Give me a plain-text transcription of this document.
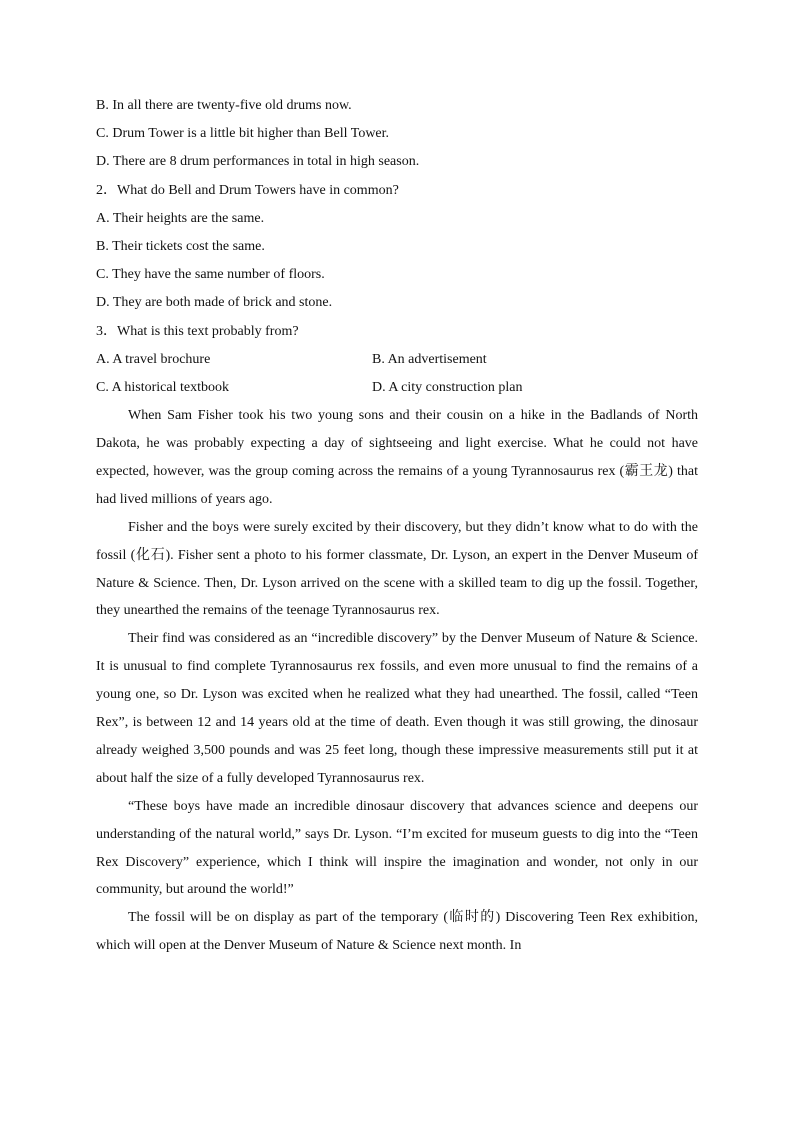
B. In all there are twenty-five old drums now.
C. Drum Tower is a little bit higher than Bell Tower.
D. There are 8 drum performances in total in high season.
2．What do Bell and Drum Towers have in common?
A. Their heights are the same.
B. Their tickets cost the same.
C. They have the same number of floors.
D. They are both made of brick and stone.
3．What is this text probably from?
A. A travel brochure	B. An advertisement
C. A historical textbook	D. A city construction plan

When Sam Fisher took his two young sons and their cousin on a hike in the Badlands of North Dakota, he was probably expecting a day of sightseeing and light exercise. What he could not have expected, however, was the group coming across the remains of a young Tyrannosaurus rex (霸王龙) that had lived millions of years ago.

Fisher and the boys were surely excited by their discovery, but they didn’t know what to do with the fossil (化石). Fisher sent a photo to his former classmate, Dr. Lyson, an expert in the Denver Museum of Nature & Science. Then, Dr. Lyson arrived on the scene with a skilled team to dig up the fossil. Together, they unearthed the remains of the teenage Tyrannosaurus rex.

Their find was considered as an “incredible discovery” by the Denver Museum of Nature & Science. It is unusual to find complete Tyrannosaurus rex fossils, and even more unusual to find the remains of a young one, so Dr. Lyson was excited when he realized what they had unearthed. The fossil, called “Teen Rex”, is between 12 and 14 years old at the time of death. Even though it was still growing, the dinosaur already weighed 3,500 pounds and was 25 feet long, though these impressive measurements still put it at about half the size of a fully developed Tyrannosaurus rex.

“These boys have made an incredible dinosaur discovery that advances science and deepens our understanding of the natural world,” says Dr. Lyson. “I’m excited for museum guests to dig into the “Teen Rex Discovery” experience, which I think will inspire the imagination and wonder, not only in our community, but around the world!”

The fossil will be on display as part of the temporary (临时的) Discovering Teen Rex exhibition, which will open at the Denver Museum of Nature & Science next month. In
